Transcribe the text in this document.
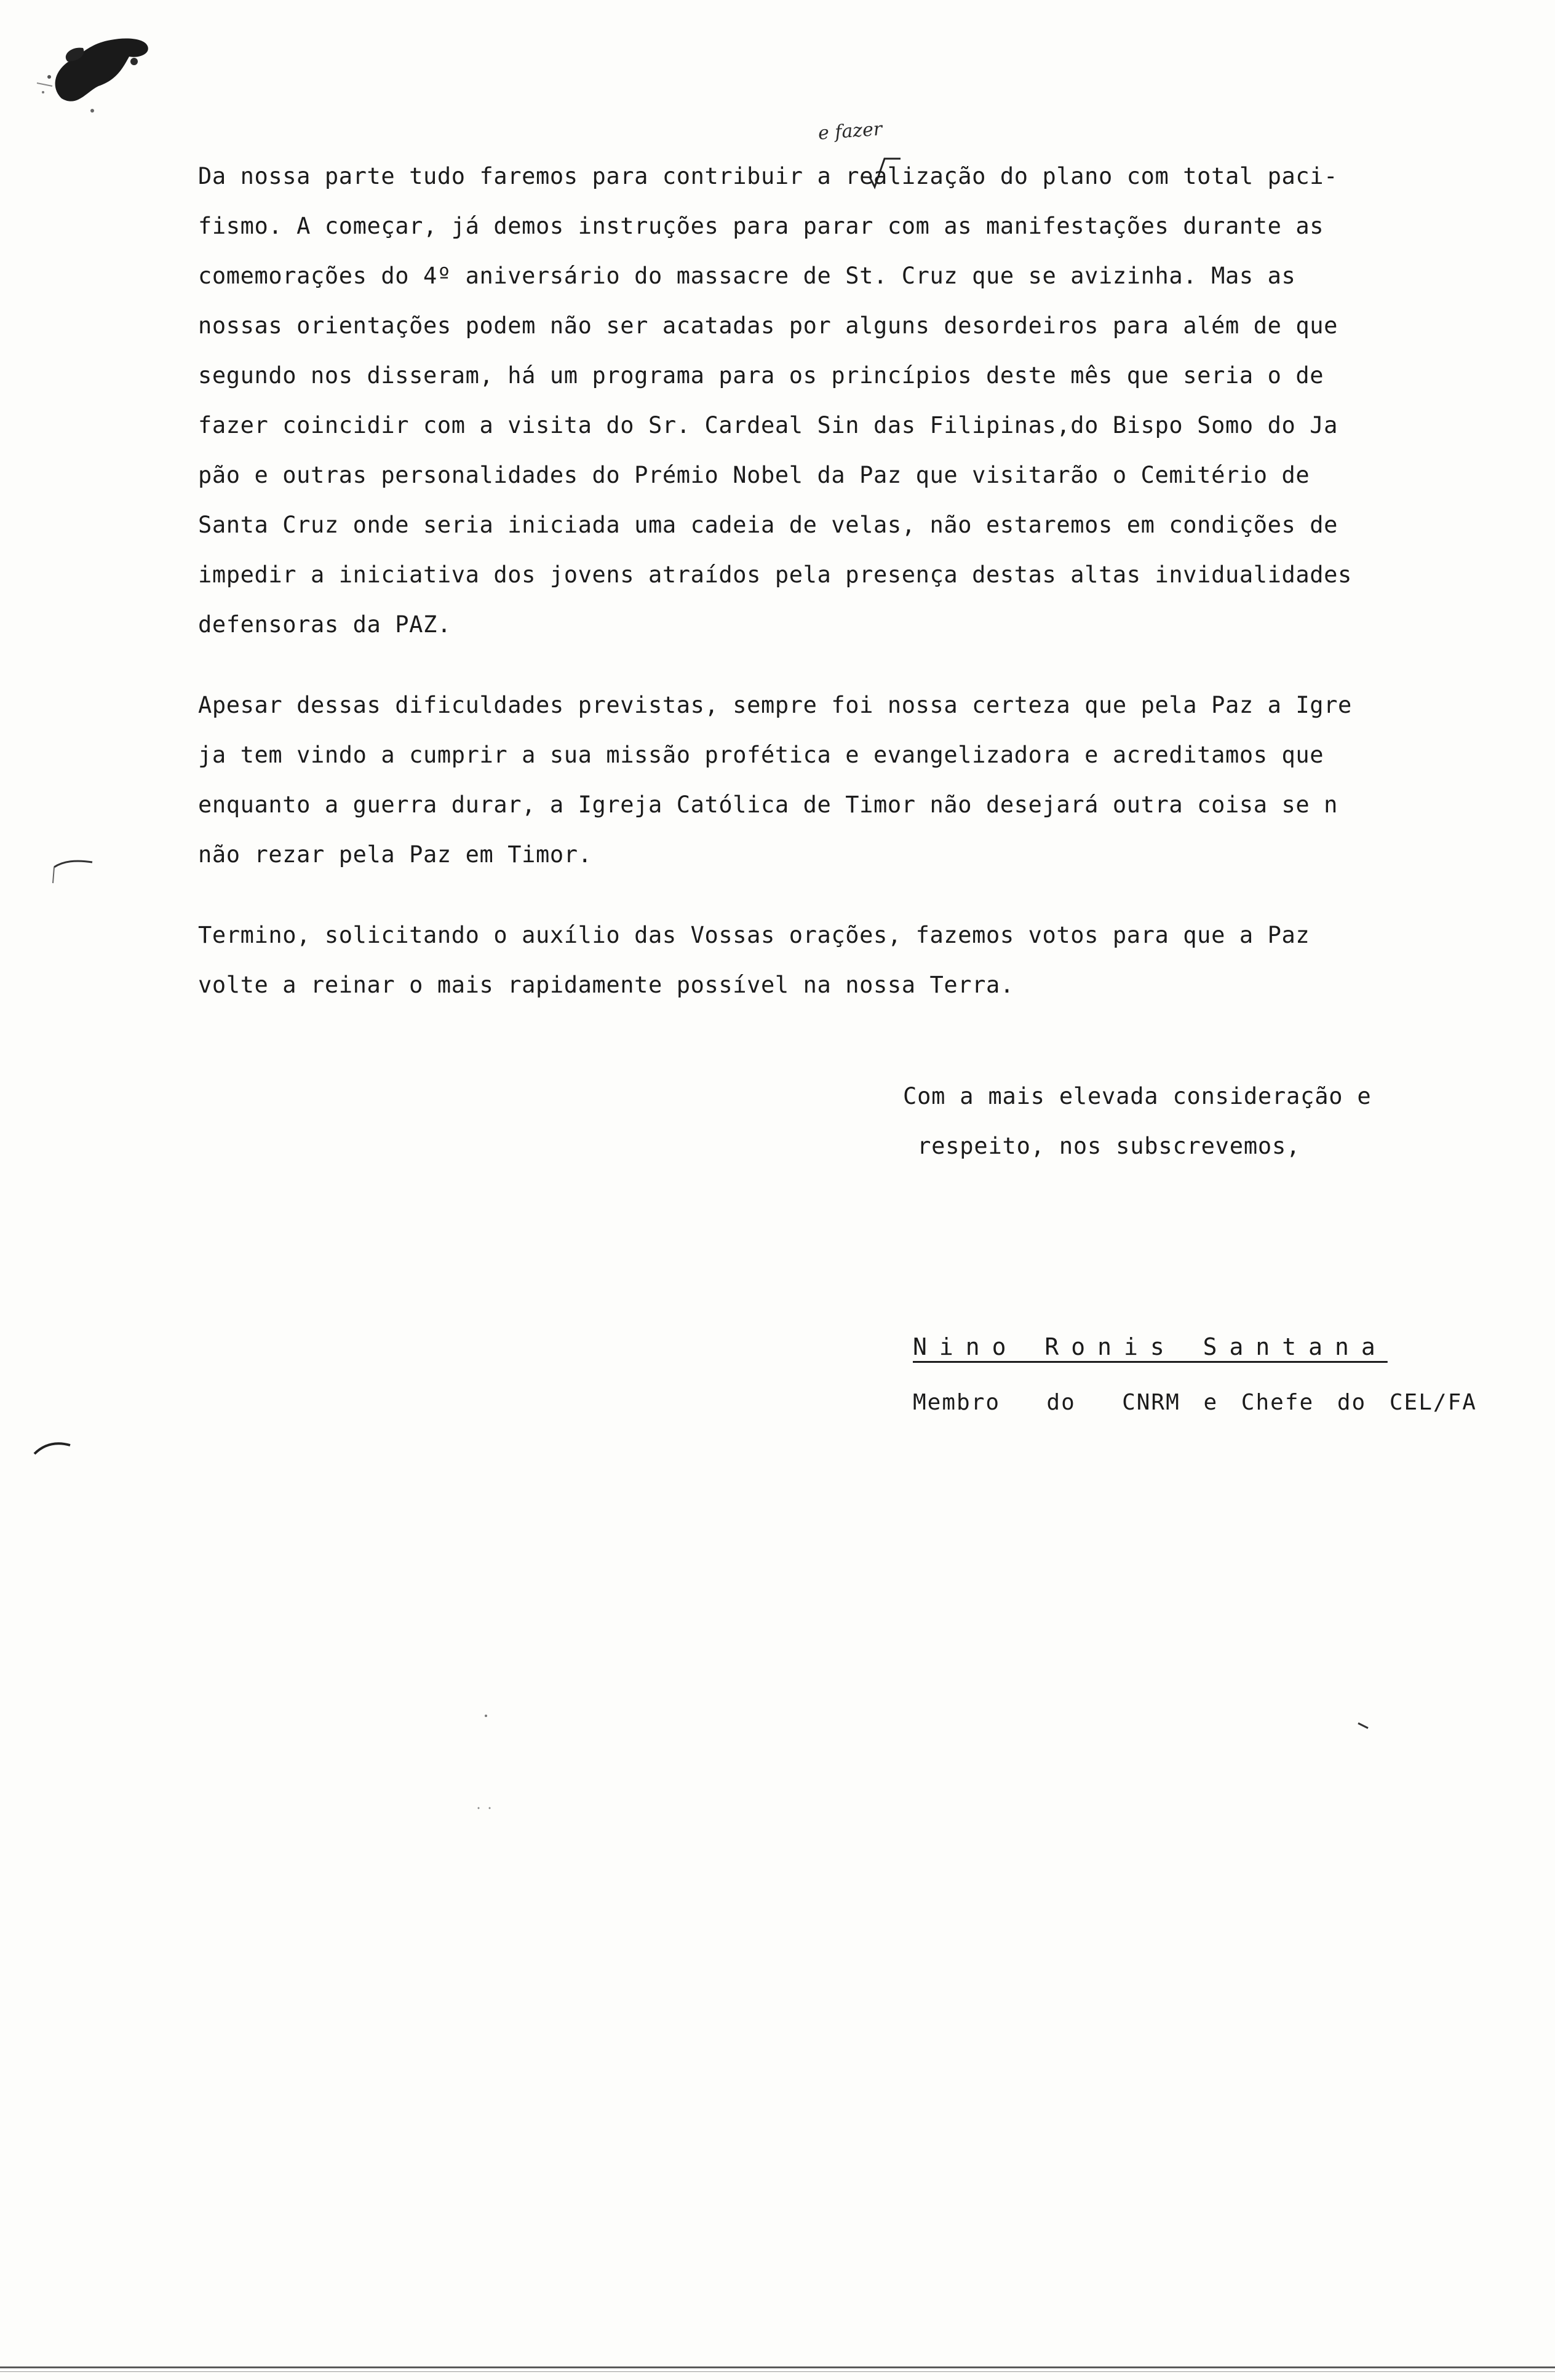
e fazer
Da nossa parte tudo faremos para contribuir a realização do plano com total paci-
fismo. A começar, já demos instruções para parar com as manifestações durante as
comemorações do 4º aniversário do massacre de St. Cruz que se avizinha. Mas as
nossas orientações podem não ser acatadas por alguns desordeiros para além de que
segundo nos disseram, há um programa para os princípios deste mês que seria o de
fazer coincidir com a visita do Sr. Cardeal Sin das Filipinas,do Bispo Somo do Ja
pão e outras personalidades do Prémio Nobel da Paz que visitarão o Cemitério de
Santa Cruz onde seria iniciada uma cadeia de velas, não estaremos em condições de
impedir a iniciativa dos jovens atraídos pela presença destas altas invidualidades
defensoras da PAZ.
Apesar dessas dificuldades previstas, sempre foi nossa certeza que pela Paz a Igre
ja tem vindo a cumprir a sua missão profética e evangelizadora e acreditamos que
enquanto a guerra durar, a Igreja Católica de Timor não desejará outra coisa se n
não rezar pela Paz em Timor.
Termino, solicitando o auxílio das Vossas orações, fazemos votos para que a Paz
volte a reinar o mais rapidamente possível na nossa Terra.
Com a mais elevada consideração e
respeito, nos subscrevemos,
Nino Ronis Santana
Membro  do  CNRM e Chefe do CEL/FA
